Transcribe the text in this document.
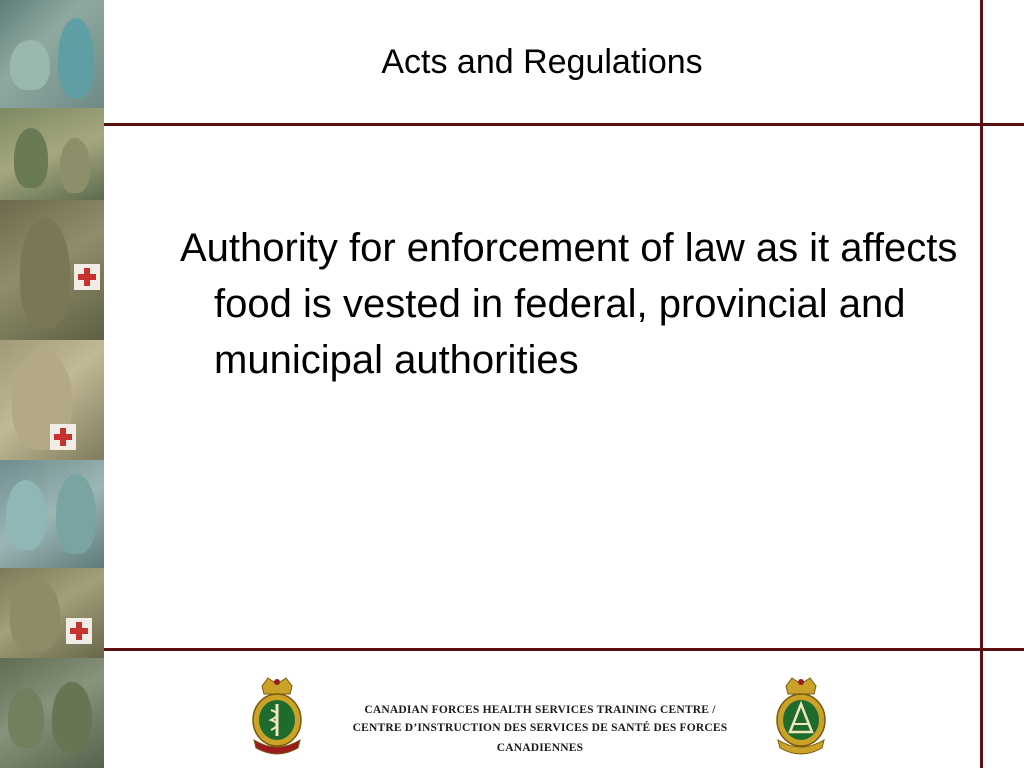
Acts and Regulations
Authority for enforcement of law as it affects food is vested in federal, provincial and municipal authorities
CANADIAN FORCES HEALTH SERVICES TRAINING CENTRE /
CENTRE D’INSTRUCTION DES SERVICES DE SANTÉ DES FORCES CANADIENNES
